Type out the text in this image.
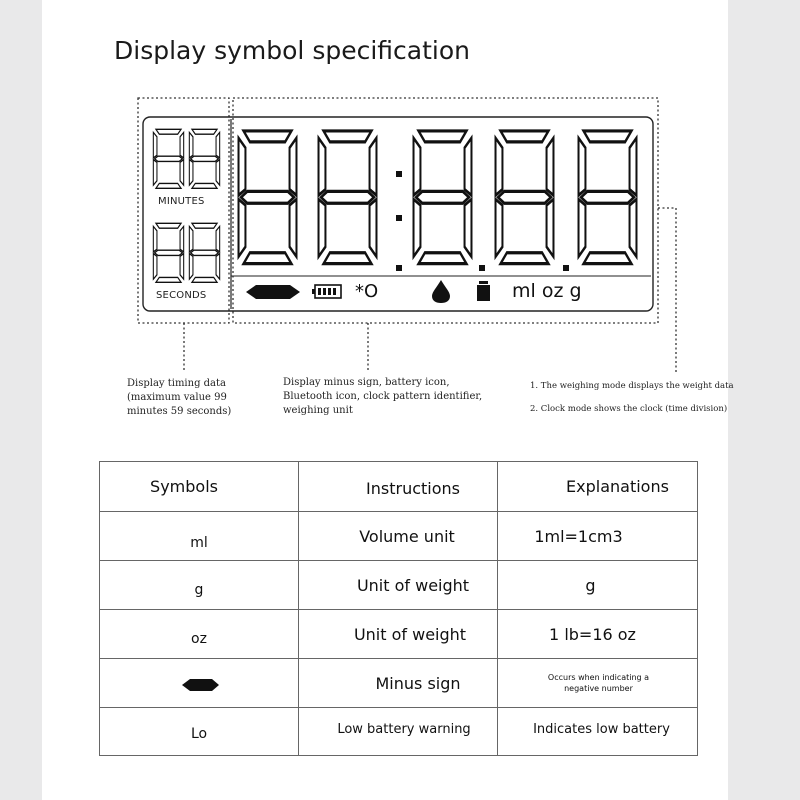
Display symbol specification
MINUTES
SECONDS	*O	ml oz g
Display timing data
(maximum value 99
minutes 59 seconds)
Display minus sign, battery icon,
Bluetooth icon, clock pattern identifier,
weighing unit
1. The weighing mode displays the weight data
2. Clock mode shows the clock (time division)
Symbols	Instructions	Explanations
ml	Volume unit	1ml=1cm3
g	Unit of weight	g
oz	Unit of weight	1 lb=16 oz
	Minus sign	Occurs when indicating a negative number
Lo	Low battery warning	Indicates low battery
